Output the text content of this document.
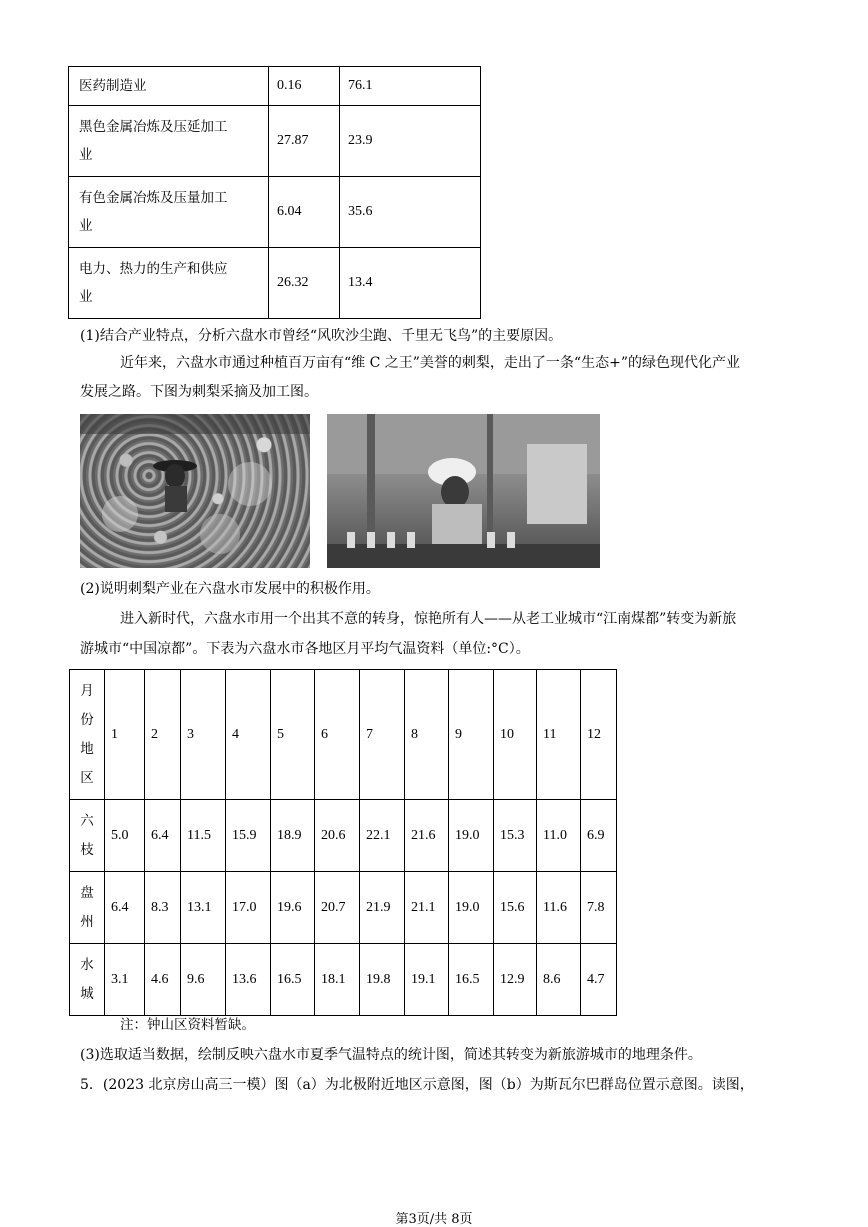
医药制造业	0.16	76.1

黑色金属冶炼及压延加工
业	27.87	23.9

有色金属冶炼及压量加工
业	6.04	35.6

电力、热力的生产和供应
业	26.32	13.4
(1)结合产业特点，分析六盘水市曾经“风吹沙尘跑、千里无飞鸟”的主要原因。
近年来，六盘水市通过种植百万亩有“维 C 之王”美誉的刺梨，走出了一条“生态+”的绿色现代化产业
发展之路。下图为刺梨采摘及加工图。
(2)说明刺梨产业在六盘水市发展中的积极作用。
进入新时代，六盘水市用一个出其不意的转身，惊艳所有人——从老工业城市“江南煤都”转变为新旅
游城市“中国凉都”。下表为六盘水市各地区月平均气温资料（单位:°C）。
月
份
地
区	1	2	3	4	5	6	7	8	9	10	11	12

六
枝	5.0	6.4	11.5	15.9	18.9	20.6	22.1	21.6	19.0	15.3	11.0	6.9

盘
州	6.4	8.3	13.1	17.0	19.6	20.7	21.9	21.1	19.0	15.6	11.6	7.8

水
城	3.1	4.6	9.6	13.6	16.5	18.1	19.8	19.1	16.5	12.9	8.6	4.7
注：钟山区资料暂缺。
(3)选取适当数据，绘制反映六盘水市夏季气温特点的统计图，简述其转变为新旅游城市的地理条件。
5．(2023 北京房山高三一模）图（a）为北极附近地区示意图，图（b）为斯瓦尔巴群岛位置示意图。读图，
第3页/共 8页
